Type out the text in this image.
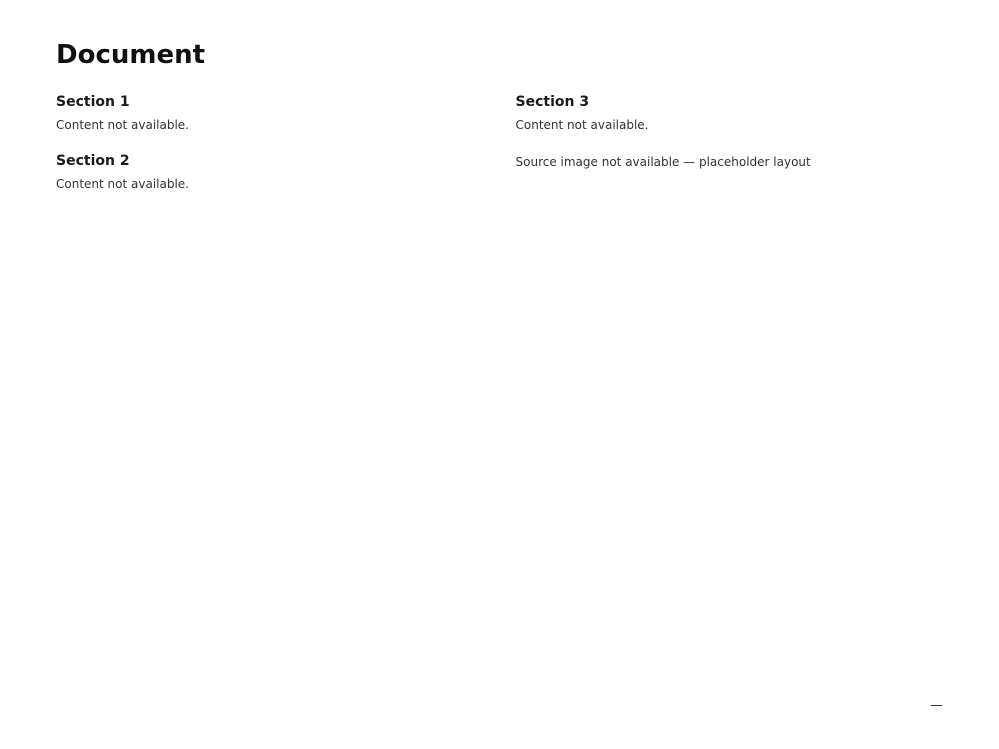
Document
Section 1

Content not available.

Section 2

Content not available.

Section 3

Content not available.

Source image not available — placeholder layout

—
